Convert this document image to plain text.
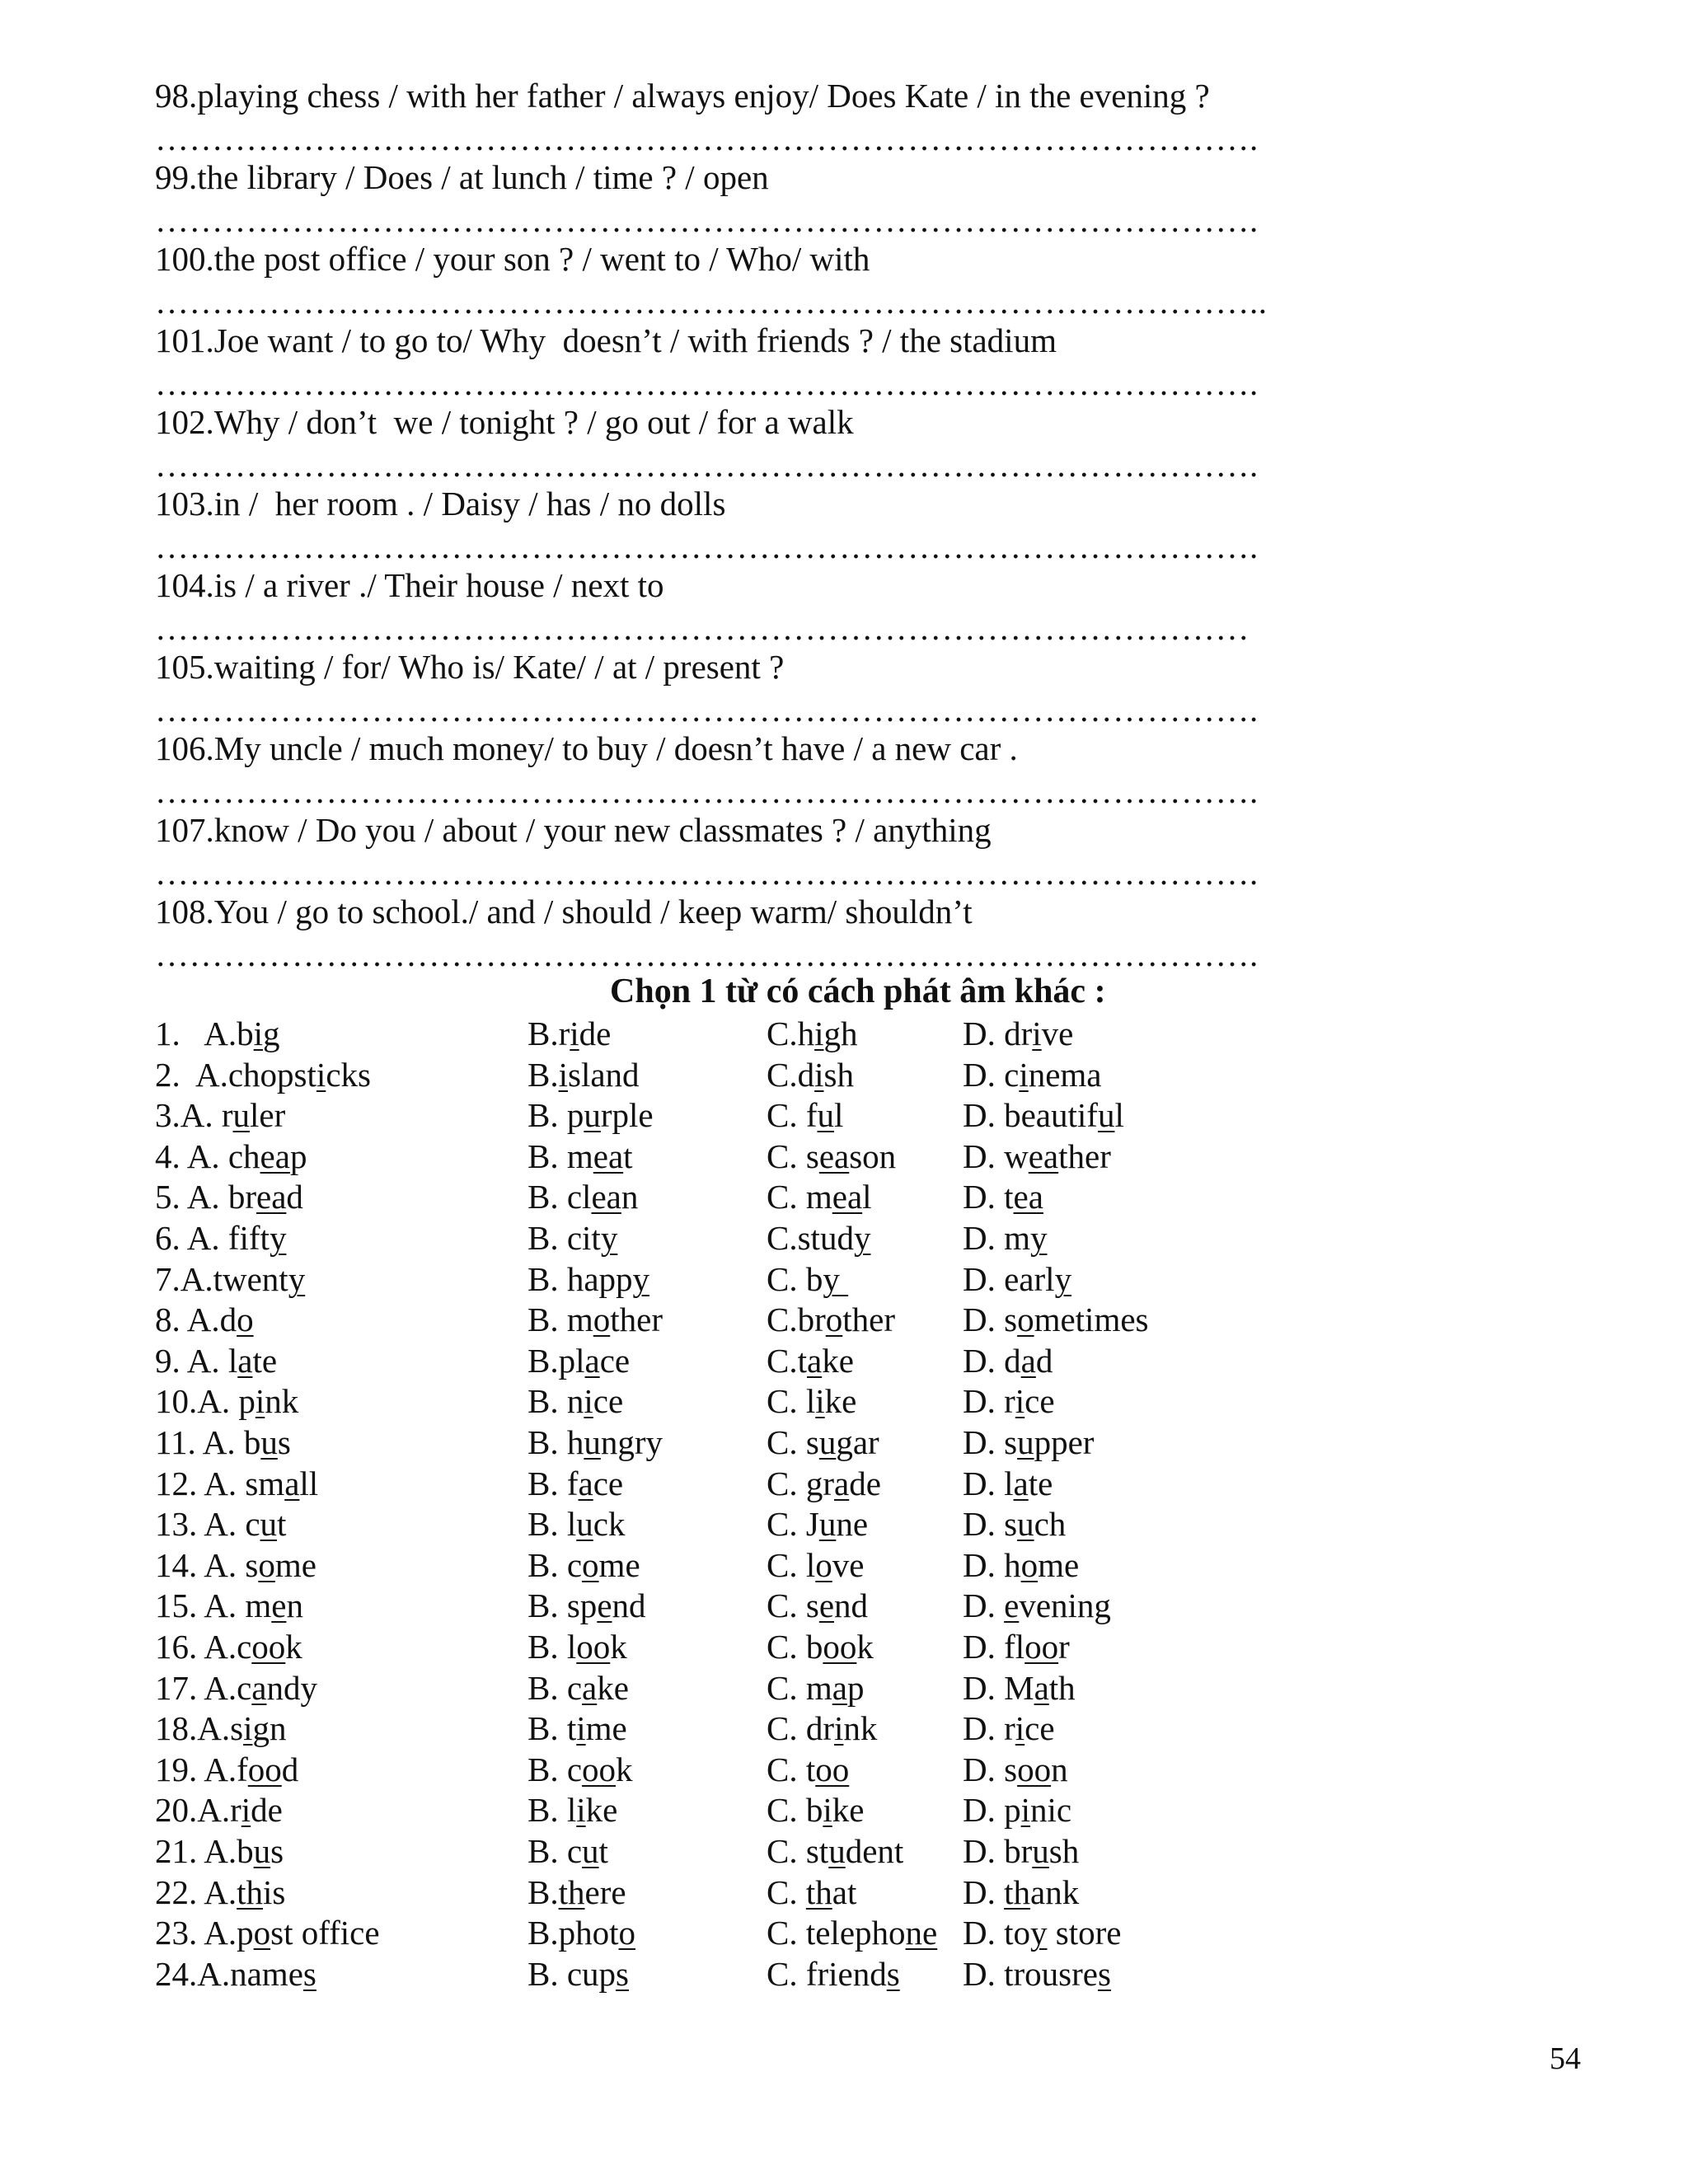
98.playing chess / with her father / always enjoy/ Does Kate / in the evening ?
…………………………………………………………………………………….
99.the library / Does / at lunch / time ? / open
…………………………………………………………………………………….
100.the post office / your son ? / went to / Who/ with
……………………………………………………………………………………..
101.Joe want / to go to/ Why  doesn’t / with friends ? / the stadium
…………………………………………………………………………………….
102.Why / don’t  we / tonight ? / go out / for a walk
…………………………………………………………………………………….
103.in /  her room . / Daisy / has / no dolls
…………………………………………………………………………………….
104.is / a river ./ Their house / next to
……………………………………………………………………………………
105.waiting / for/ Who is/ Kate/ / at / present ?
…………………………………………………………………………………….
106.My uncle / much money/ to buy / doesn’t have / a new car .
…………………………………………………………………………………….
107.know / Do you / about / your new classmates ? / anything
…………………………………………………………………………………….
108.You / go to school./ and / should / keep warm/ shouldn’t
…………………………………………………………………………………….
Chọn 1 từ có cách phát âm khác :
1.   A.big	B.ride	C.high	D. drive
2.  A.chopsticks	B.island	C.dish	D. cinema
3.A. ruler	B. purple	C. ful	D. beautiful
4. A. cheap	B. meat	C. season D. weather
5. A. bread	B. clean	C. meal	D. tea
6. A. fifty	B. city	C.study	D. my
7.A.twenty	B. happy	C. by	D. early
8. A.do	B. mother	C.brother D. sometimes
9. A. late	B.place	C.take	D. dad
10.A. pink	B. nice	C. like	D. rice
11. A. bus	B. hungry	C. sugar D. supper
12. A. small	B. face	C. grade D. late
13. A. cut	B. luck	C. June	D. such
14. A. some	B. come	C. love	D. home
15. A. men	B. spend	C. send	D. evening
16. A.cook	B. look	C. book	D. floor
17. A.candy	B. cake	C. map	D. Math
18.A.sign	B. time	C. drink	D. rice
19. A.food	B. cook	C. too	D. soon
20.A.ride	B. like	C. bike	D. pinic
21. A.bus	B. cut	C. student D. brush
22. A.this	B.there	C. that	D. thank
23. A.post office	B.photo	C. telephone D. toy store
24.A.names	B. cups	C. friends D. trousres
54
